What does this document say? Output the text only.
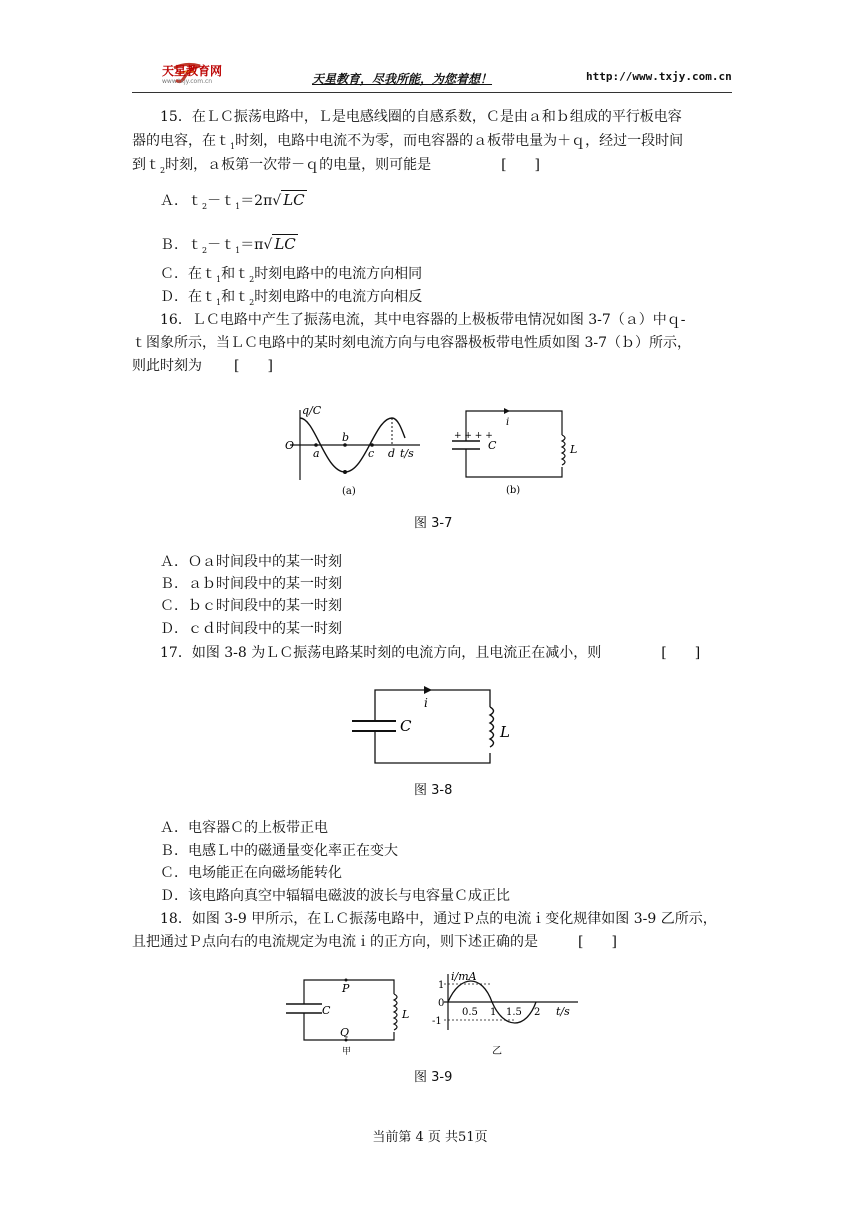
天星教育网
www.txjy.com.cn	天星教育，尽我所能，为您着想！	http://www.txjy.com.cn
15．在ＬＣ振荡电路中，Ｌ是电感线圈的自感系数，Ｃ是由ａ和ｂ组成的平行板电容
器的电容，在ｔ$_1$时刻，电路中电流不为零，而电容器的ａ板带电量为＋ｑ，经过一段时间
到ｔ$_2$时刻，ａ板第一次带－ｑ的电量，则可能是	[　　]
Ａ．ｔ$_2$－ｔ$_1$＝2π√ LC
Ｂ．ｔ$_2$－ｔ$_1$＝π√ LC
Ｃ．在ｔ$_1$和ｔ$_2$时刻电路中的电流方向相同
Ｄ．在ｔ$_1$和ｔ$_2$时刻电路中的电流方向相反
16．ＬＣ电路中产生了振荡电流，其中电容器的上极板带电情况如图 3-7（ａ）中ｑ-
ｔ图象所示，当ＬＣ电路中的某时刻电流方向与电容器极板带电性质如图 3-7（ｂ）所示，
则此时刻为 [　　]
q/C
O
a
b
c d t/s
(a)
+ + + +
C	L
i
(b)
图 3-7
Ａ．Ｏａ时间段中的某一时刻
Ｂ．ａｂ时间段中的某一时刻
Ｃ．ｂｃ时间段中的某一时刻
Ｄ．ｃｄ时间段中的某一时刻
17．如图 3-8 为ＬＣ振荡电路某时刻的电流方向，且电流正在减小，则	[　　]
C	L
i
图 3-8
Ａ．电容器Ｃ的上板带正电
Ｂ．电感Ｌ中的磁通量变化率正在变大
Ｃ．电场能正在向磁场能转化
Ｄ．该电路向真空中辐辐电磁波的波长与电容量Ｃ成正比
18．如图 3-9 甲所示，在ＬＣ振荡电路中，通过Ｐ点的电流ｉ变化规律如图 3-9 乙所示，
且把通过Ｐ点向右的电流规定为电流ｉ的正方向，则下述正确的是	[　　]
P
Q
C	L
甲
i/mA
1
0
-1
0.5 1 1.5 2 t/s
乙
图 3-9
当前第 4 页 共51页
